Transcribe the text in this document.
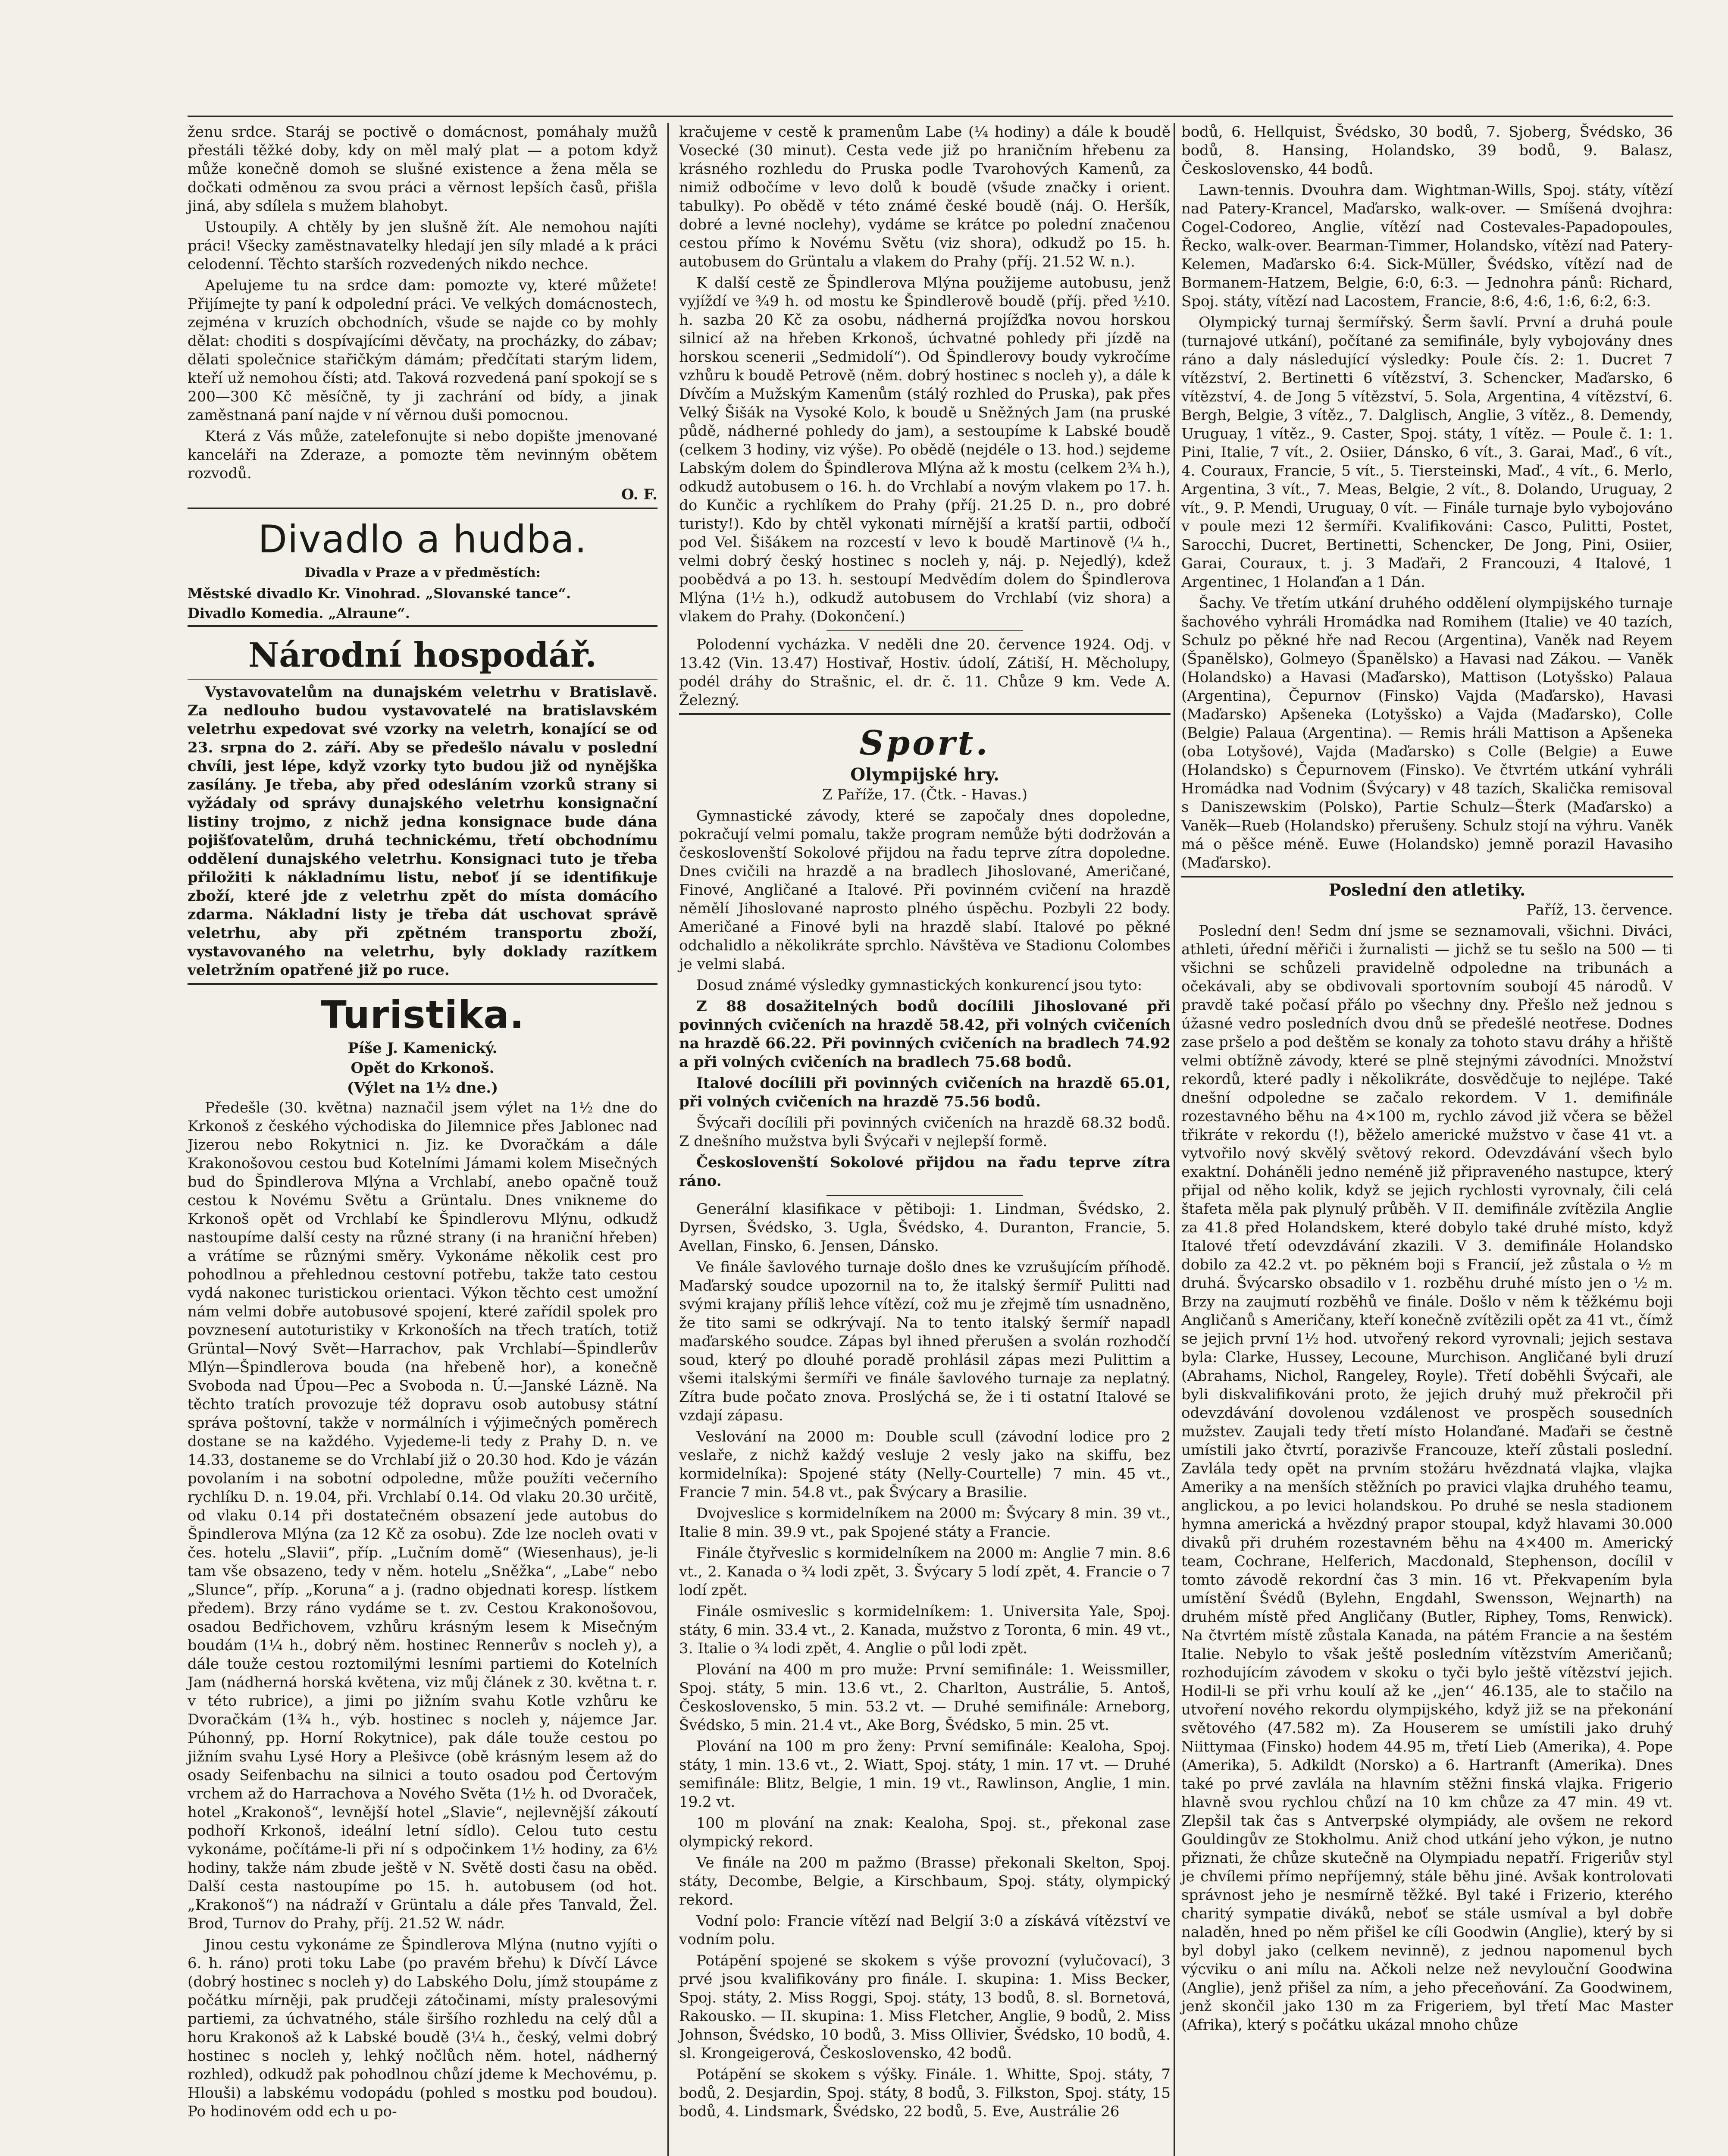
ženu srdce. Staráj se poctivě o domácnost, pomáhaly mužů přestáli těžké doby, kdy on měl malý plat — a potom když může konečně domoh se slušné existence a žena měla se dočkati odměnou za svou práci a věrnost lepších časů, přišla jiná, aby sdílela s mužem blahobyt.

Ustoupily. A chtěly by jen slušně žít. Ale nemohou najíti práci! Všecky zaměstnavatelky hledají jen síly mladé a k práci celodenní. Těchto starších rozvedených nikdo nechce.

Apelujeme tu na srdce dam: pomozte vy, které můžete! Přijímejte ty paní k odpolední práci. Ve velkých domácnostech, zejména v kruzích obchodních, všude se najde co by mohly dělat: choditi s dospívajícími děvčaty, na procházky, do zábav; dělati společnice stařičkým dámám; předčítati starým lidem, kteří už nemohou čísti; atd. Taková rozvedená paní spokojí se s 200—300 Kč měsíčně, ty ji zachrání od bídy, a jinak zaměstnaná paní najde v ní věrnou duši pomocnou.

Která z Vás může, zatelefonujte si nebo dopište jmenované kanceláři na Zderaze, a pomozte těm nevinným obětem rozvodů.

O. F.
Divadlo a hudba.
Divadla v Praze a v předměstích:

Městské divadlo Kr. Vinohrad. „Slovanské tance“.

Divadlo Komedia. „Alraune“.

Národní hospodář.

Vystavovatelům na dunajském veletrhu v Bratislavě. Za nedlouho budou vystavovatelé na bratislavském veletrhu expedovat své vzorky na veletrh, konající se od 23. srpna do 2. září. Aby se předešlo návalu v poslední chvíli, jest lépe, když vzorky tyto budou již od nynějška zasílány. Je třeba, aby před odesláním vzorků strany si vyžádaly od správy dunajského veletrhu konsignační listiny trojmo, z nichž jedna konsignace bude dána pojišťovatelům, druhá technickému, třetí obchodnímu oddělení dunajského veletrhu. Konsignaci tuto je třeba přiložiti k nákladnímu listu, neboť jí se identifikuje zboží, které jde z veletrhu zpět do místa domácího zdarma. Nákladní listy je třeba dát uschovat správě veletrhu, aby při zpětném transportu zboží, vystavovaného na veletrhu, byly doklady razítkem veletržním opatřené již po ruce.

Turistika.
Píše J. Kamenický.
Opět do Krkonoš.
(Výlet na 1½ dne.)

Předešle (30. května) naznačil jsem výlet na 1½ dne do Krkonoš z českého východiska do Jilemnice přes Jablonec nad Jizerou nebo Rokytnici n. Jiz. ke Dvoračkám a dále Krakonošovou cestou bud Kotelními Jámami kolem Misečných bud do Špindlerova Mlýna a Vrchlabí, anebo opačně touž cestou k Novému Světu a Grüntalu. Dnes vnikneme do Krkonoš opět od Vrchlabí ke Špindlerovu Mlýnu, odkudž nastoupíme další cesty na různé strany (i na hraniční hřeben) a vrátíme se různými směry. Vykonáme několik cest pro pohodlnou a přehlednou cestovní potřebu, takže tato cestou vydá nakonec turistickou orientaci. Výkon těchto cest umožní nám velmi dobře autobusové spojení, které zařídil spolek pro povznesení autoturistiky v Krkonoších na třech tratích, totiž Grüntal—Nový Svět—Harrachov, pak Vrchlabí—Špindlerův Mlýn—Špindlerova bouda (na hřebeně hor), a konečně Svoboda nad Úpou—Pec a Svoboda n. Ú.—Janské Lázně. Na těchto tratích provozuje též dopravu osob autobusy státní správa poštovní, takže v normálních i výjimečných poměrech dostane se na každého. Vyjedeme-li tedy z Prahy D. n. ve 14.33, dostaneme se do Vrchlabí již o 20.30 hod. Kdo je vázán povolaním i na sobotní odpoledne, může použíti večerního rychlíku D. n. 19.04, při. Vrchlabí 0.14. Od vlaku 20.30 určitě, od vlaku 0.14 při dostatečném obsazení jede autobus do Špindlerova Mlýna (za 12 Kč za osobu). Zde lze nocleh ovati v čes. hotelu „Slavii“, příp. „Lučním domě“ (Wiesenhaus), je-li tam vše obsazeno, tedy v něm. hotelu „Sněžka“, „Labe“ nebo „Slunce“, příp. „Koruna“ a j. (radno objednati koresp. lístkem předem). Brzy ráno vydáme se t. zv. Cestou Krakonošovou, osadou Bedřichovem, vzhůru krásným lesem k Misečným boudám (1¼ h., dobrý něm. hostinec Rennerův s nocleh y), a dále touže cestou roztomilými lesními partiemi do Kotelních Jam (nádherná horská květena, viz můj článek z 30. května t. r. v této rubrice), a jimi po jižním svahu Kotle vzhůru ke Dvoračkám (1¾ h., výb. hostinec s nocleh y, nájemce Jar. Púhonný, pp. Horní Rokytnice), pak dále touže cestou po jižním svahu Lysé Hory a Plešivce (obě krásným lesem až do osady Seifenbachu na silnici a touto osadou pod Čertovým vrchem až do Harrachova a Nového Světa (1½ h. od Dvoraček, hotel „Krakonoš“, levnější hotel „Slavie“, nejlevnější zákoutí podhoří Krkonoš, ideální letní sídlo). Celou tuto cestu vykonáme, počítáme-li při ní s odpočinkem 1½ hodiny, za 6½ hodiny, takže nám zbude ještě v N. Světě dosti času na oběd. Další cesta nastoupíme po 15. h. autobusem (od hot. „Krakonoš“) na nádraží v Grüntalu a dále přes Tanvald, Žel. Brod, Turnov do Prahy, příj. 21.52 W. nádr.

Jinou cestu vykonáme ze Špindlerova Mlýna (nutno vyjíti o 6. h. ráno) proti toku Labe (po pravém břehu) k Dívčí Lávce (dobrý hostinec s nocleh y) do Labského Dolu, jímž stoupáme z počátku mírněji, pak prudčeji zátočinami, místy pralesovými partiemi, za úchvatného, stále širšího rozhledu na celý důl a horu Krakonoš až k Labské boudě (3¼ h., český, velmi dobrý hostinec s nocleh y, lehký nočlůch něm. hotel, nádherný rozhled), odkudž pak pohodlnou chůzí jdeme k Mechovému, p. Hlouši) a labskému vodopádu (pohled s mostku pod boudou). Po hodinovém odd ech u po-

kračujeme v cestě k pramenům Labe (¼ hodiny) a dále k boudě Vosecké (30 minut). Cesta vede již po hraničním hřebenu za krásného rozhledu do Pruska podle Tvarohových Kamenů, za nimiž odbočíme v levo dolů k boudě (všude značky i orient. tabulky). Po obědě v této známé české boudě (náj. O. Heršík, dobré a levné noclehy), vydáme se krátce po polední značenou cestou přímo k Novému Světu (viz shora), odkudž po 15. h. autobusem do Grüntalu a vlakem do Prahy (příj. 21.52 W. n.).

K další cestě ze Špindlerova Mlýna použijeme autobusu, jenž vyjíždí ve ¾9 h. od mostu ke Špindlerově boudě (příj. před ½10. h. sazba 20 Kč za osobu, nádherná projížďka novou horskou silnicí až na hřeben Krkonoš, úchvatné pohledy při jízdě na horskou scenerii „Sedmidolí“). Od Špindlerovy boudy vykročíme vzhůru k boudě Petrově (něm. dobrý hostinec s nocleh y), a dále k Dívčím a Mužským Kamenům (stálý rozhled do Pruska), pak přes Velký Šišák na Vysoké Kolo, k boudě u Sněžných Jam (na pruské půdě, nádherné pohledy do jam), a sestoupíme k Labské boudě (celkem 3 hodiny, viz výše). Po obědě (nejdéle o 13. hod.) sejdeme Labským dolem do Špindlerova Mlýna až k mostu (celkem 2¾ h.), odkudž autobusem o 16. h. do Vrchlabí a novým vlakem po 17. h. do Kunčic a rychlíkem do Prahy (příj. 21.25 D. n., pro dobré turisty!). Kdo by chtěl vykonati mírnější a kratší partii, odbočí pod Vel. Šišákem na rozcestí v levo k boudě Martinově (¼ h., velmi dobrý český hostinec s nocleh y, náj. p. Nejedlý), kdež poobědvá a po 13. h. sestoupí Medvědím dolem do Špindlerova Mlýna (1½ h.), odkudž autobusem do Vrchlabí (viz shora) a vlakem do Prahy. (Dokončení.)

Polodenní vycházka. V neděli dne 20. července 1924. Odj. v 13.42 (Vin. 13.47) Hostivař, Hostiv. údolí, Zátiší, H. Měcholupy, podél dráhy do Strašnic, el. dr. č. 11. Chůze 9 km. Vede A. Železný.

Sport.
Olympijské hry.

Z Paříže, 17. (Čtk. - Havas.)

Gymnastické závody, které se započaly dnes dopoledne, pokračují velmi pomalu, takže program nemůže býti dodržován a českoslovenští Sokolové přijdou na řadu teprve zítra dopoledne. Dnes cvičili na hrazdě a na bradlech Jihoslované, Američané, Finové, Angličané a Italové. Při povinném cvičení na hrazdě němělí Jihoslované naprosto plného úspěchu. Pozbyli 22 body. Američané a Finové byli na hrazdě slabí. Italové po pěkné odchalidlo a několikráte sprchlo. Návštěva ve Stadionu Colombes je velmi slabá.

Dosud známé výsledky gymnastických konkurencí jsou tyto:

Z 88 dosažitelných bodů docílili Jihoslované při povinných cvičeních na hrazdě 58.42, při volných cvičeních na hrazdě 66.22. Při povinných cvičeních na bradlech 74.92 a při volných cvičeních na bradlech 75.68 bodů.

Italové docílili při povinných cvičeních na hrazdě 65.01, při volných cvičeních na hrazdě 75.56 bodů.

Švýcaři docílili při povinných cvičeních na hrazdě 68.32 bodů. Z dnešního mužstva byli Švýcaři v nejlepší formě.

Českoslovenští Sokolové přijdou na řadu teprve zítra ráno.

Generální klasifikace v pětiboji: 1. Lindman, Švédsko, 2. Dyrsen, Švédsko, 3. Ugla, Švédsko, 4. Duranton, Francie, 5. Avellan, Finsko, 6. Jensen, Dánsko.

Ve finále šavlového turnaje došlo dnes ke vzrušujícím příhodě. Maďarský soudce upozornil na to, že italský šermíř Pulitti nad svými krajany příliš lehce vítězí, což mu je zřejmě tím usnadněno, že tito sami se odkrývají. Na to tento italský šermíř napadl maďarského soudce. Zápas byl ihned přerušen a svolán rozhodčí soud, který po dlouhé poradě prohlásil zápas mezi Pulittim a všemi italskými šermíři ve finále šavlového turnaje za neplatný. Zítra bude počato znova. Proslýchá se, že i ti ostatní Italové se vzdají zápasu.

Veslování na 2000 m: Double scull (závodní lodice pro 2 veslaře, z nichž každý vesluje 2 vesly jako na skiffu, bez kormidelníka): Spojené státy (Nelly-Courtelle) 7 min. 45 vt., Francie 7 min. 54.8 vt., pak Švýcary a Brasilie.

Dvojveslice s kormidelníkem na 2000 m: Švýcary 8 min. 39 vt., Italie 8 min. 39.9 vt., pak Spojené státy a Francie.

Finále čtyřveslic s kormidelníkem na 2000 m: Anglie 7 min. 8.6 vt., 2. Kanada o ¾ lodi zpět, 3. Švýcary 5 lodí zpět, 4. Francie o 7 lodí zpět.

Finále osmiveslic s kormidelníkem: 1. Universita Yale, Spoj. státy, 6 min. 33.4 vt., 2. Kanada, mužstvo z Toronta, 6 min. 49 vt., 3. Italie o ¾ lodi zpět, 4. Anglie o půl lodi zpět.

Plování na 400 m pro muže: První semifinále: 1. Weissmiller, Spoj. státy, 5 min. 13.6 vt., 2. Charlton, Austrálie, 5. Antoš, Československo, 5 min. 53.2 vt. — Druhé semifinále: Arneborg, Švédsko, 5 min. 21.4 vt., Ake Borg, Švédsko, 5 min. 25 vt.

Plování na 100 m pro ženy: První semifinále: Kealoha, Spoj. státy, 1 min. 13.6 vt., 2. Wiatt, Spoj. státy, 1 min. 17 vt. — Druhé semifinále: Blitz, Belgie, 1 min. 19 vt., Rawlinson, Anglie, 1 min. 19.2 vt.

100 m plování na znak: Kealoha, Spoj. st., překonal zase olympický rekord.

Ve finále na 200 m pažmo (Brasse) překonali Skelton, Spoj. státy, Decombe, Belgie, a Kirschbaum, Spoj. státy, olympický rekord.

Vodní polo: Francie vítězí nad Belgií 3:0 a získává vítězství ve vodním polu.

Potápění spojené se skokem s výše provozní (vylučovací), 3 prvé jsou kvalifikovány pro finále. I. skupina: 1. Miss Becker, Spoj. státy, 2. Miss Roggi, Spoj. státy, 13 bodů, 8. sl. Bornetová, Rakousko. — II. skupina: 1. Miss Fletcher, Anglie, 9 bodů, 2. Miss Johnson, Švédsko, 10 bodů, 3. Miss Ollivier, Švédsko, 10 bodů, 4. sl. Krongeigerová, Československo, 42 bodů.

Potápění se skokem s výšky. Finále. 1. Whitte, Spoj. státy, 7 bodů, 2. Desjardin, Spoj. státy, 8 bodů, 3. Filkston, Spoj. státy, 15 bodů, 4. Lindsmark, Švédsko, 22 bodů, 5. Eve, Austrálie 26

bodů, 6. Hellquist, Švédsko, 30 bodů, 7. Sjoberg, Švédsko, 36 bodů, 8. Hansing, Holandsko, 39 bodů, 9. Balasz, Československo, 44 bodů.

Lawn-tennis. Dvouhra dam. Wightman-Wills, Spoj. státy, vítězí nad Patery-Krancel, Maďarsko, walk-over. — Smíšená dvojhra: Cogel-Codoreo, Anglie, vítězí nad Costevales-Papadopoules, Řecko, walk-over. Bearman-Timmer, Holandsko, vítězí nad Patery-Kelemen, Maďarsko 6:4. Sick-Müller, Švédsko, vítězí nad de Bormanem-Hatzem, Belgie, 6:0, 6:3. — Jednohra pánů: Richard, Spoj. státy, vítězí nad Lacostem, Francie, 8:6, 4:6, 1:6, 6:2, 6:3.

Olympický turnaj šermířský. Šerm šavlí. První a druhá poule (turnajové utkání), počítané za semifinále, byly vybojovány dnes ráno a daly následující výsledky: Poule čís. 2: 1. Ducret 7 vítězství, 2. Bertinetti 6 vítězství, 3. Schencker, Maďarsko, 6 vítězství, 4. de Jong 5 vítězství, 5. Sola, Argentina, 4 vítězství, 6. Bergh, Belgie, 3 vítěz., 7. Dalglisch, Anglie, 3 vítěz., 8. Demendy, Uruguay, 1 vítěz., 9. Caster, Spoj. státy, 1 vítěz. — Poule č. 1: 1. Pini, Italie, 7 vít., 2. Osiier, Dánsko, 6 vít., 3. Garai, Maď., 6 vít., 4. Couraux, Francie, 5 vít., 5. Tiersteinski, Maď., 4 vít., 6. Merlo, Argentina, 3 vít., 7. Meas, Belgie, 2 vít., 8. Dolando, Uruguay, 2 vít., 9. P. Mendi, Uruguay, 0 vít. — Finále turnaje bylo vybojováno v poule mezi 12 šermíři. Kvalifikováni: Casco, Pulitti, Postet, Sarocchi, Ducret, Bertinetti, Schencker, De Jong, Pini, Osiier, Garai, Couraux, t. j. 3 Maďaři, 2 Francouzi, 4 Italové, 1 Argentinec, 1 Holanďan a 1 Dán.

Šachy. Ve třetím utkání druhého oddělení olympijského turnaje šachového vyhráli Hromádka nad Romihem (Italie) ve 40 tazích, Schulz po pěkné hře nad Recou (Argentina), Vaněk nad Reyem (Španělsko), Golmeyo (Španělsko) a Havasi nad Zákou. — Vaněk (Holandsko) a Havasi (Maďarsko), Mattison (Lotyšsko) Palaua (Argentina), Čepurnov (Finsko) Vajda (Maďarsko), Havasi (Maďarsko) Apšeneka (Lotyšsko) a Vajda (Maďarsko), Colle (Belgie) Palaua (Argentina). — Remis hráli Mattison a Apšeneka (oba Lotyšové), Vajda (Maďarsko) s Colle (Belgie) a Euwe (Holandsko) s Čepurnovem (Finsko). Ve čtvrtém utkání vyhráli Hromádka nad Vodnim (Švýcary) v 48 tazích, Skalička remisoval s Daniszewskim (Polsko), Partie Schulz—Šterk (Maďarsko) a Vaněk—Rueb (Holandsko) přerušeny. Schulz stojí na výhru. Vaněk má o pěšce méně. Euwe (Holandsko) jemně porazil Havasiho (Maďarsko).

Poslední den atletiky.

Paříž, 13. července.

Poslední den! Sedm dní jsme se seznamovali, všichni. Diváci, athleti, úřední měřiči i žurnalisti — jichž se tu sešlo na 500 — ti všichni se schůzeli pravidelně odpoledne na tribunách a očekávali, aby se obdivovali sportovním soubojí 45 národů. V pravdě také počasí přálo po všechny dny. Přešlo než jednou s úžasné vedro posledních dvou dnů se předešlé neotřese. Dodnes zase pršelo a pod deštěm se konaly za tohoto stavu dráhy a hřiště velmi obtížně závody, které se plně stejnými závodníci. Množství rekordů, které padly i několikráte, dosvědčuje to nejlépe. Také dnešní odpoledne se začalo rekordem. V 1. demifinále rozestavného běhu na 4×100 m, rychlo závod již včera se běžel třikráte v rekordu (!), běželo americké mužstvo v čase 41 vt. a vytvořilo nový skvělý světový rekord. Odevzdávání všech bylo exaktní. Doháněli jedno neméně již připraveného nastupce, který přijal od něho kolik, když se jejich rychlosti vyrovnaly, čili celá štafeta měla pak plynulý průběh. V II. demifinále zvítězila Anglie za 41.8 před Holandskem, které dobylo také druhé místo, když Italové třetí odevzdávání zkazili. V 3. demifinále Holandsko dobilo za 42.2 vt. po pěkném boji s Francií, jež zůstala o ½ m druhá. Švýcarsko obsadilo v 1. rozběhu druhé místo jen o ½ m. Brzy na zaujmutí rozběhů ve finále. Došlo v něm k těžkému boji Angličanů s Američany, kteří konečně zvítězili opět za 41 vt., čímž se jejich první 1½ hod. utvořený rekord vyrovnali; jejich sestava byla: Clarke, Hussey, Lecoune, Murchison. Angličané byli druzí (Abrahams, Nichol, Rangeley, Royle). Třetí doběhli Švýcaři, ale byli diskvalifikováni proto, že jejich druhý muž překročil při odevzdávání dovolenou vzdálenost ve prospěch sousedních mužstev. Zaujali tedy třetí místo Holanďané. Maďaři se čestně umístili jako čtvrtí, porazivše Francouze, kteří zůstali poslední. Zavlála tedy opět na prvním stožáru hvězdnatá vlajka, vlajka Ameriky a na menších stěžních po pravici vlajka druhého teamu, anglickou, a po levici holandskou. Po druhé se nesla stadionem hymna americká a hvězdný prapor stoupal, když hlavami 30.000 divaků při druhém rozestavném běhu na 4×400 m. Americký team, Cochrane, Helferich, Macdonald, Stephenson, docílil v tomto závodě rekordní čas 3 min. 16 vt. Překvapením byla umístění Švédů (Bylehn, Engdahl, Swensson, Wejnarth) na druhém místě před Angličany (Butler, Riphey, Toms, Renwick). Na čtvrtém místě zůstala Kanada, na pátém Francie a na šestém Italie. Nebylo to však ještě posledním vítězstvím Američanů; rozhodujícím závodem v skoku o tyči bylo ještě vítězství jejich. Hodil-li se při vrhu koulí až ke ,,jen‘‘ 46.135, ale to stačilo na utvoření nového rekordu olympijského, když již se na překonání světového (47.582 m). Za Houserem se umístili jako druhý Niittymaa (Finsko) hodem 44.95 m, třetí Lieb (Amerika), 4. Pope (Amerika), 5. Adkildt (Norsko) a 6. Hartranft (Amerika). Dnes také po prvé zavlála na hlavním stěžni finská vlajka. Frigerio hlavně svou rychlou chůzí na 10 km chůze za 47 min. 49 vt. Zlepšil tak čas s Antverpské olympiády, ale ovšem ne rekord Gouldingův ze Stokholmu. Aniž chod utkání jeho výkon, je nutno přiznati, že chůze skutečně na Olympiadu nepatří. Frigeriův styl je chvílemi přímo nepříjemný, stále běhu jiné. Avšak kontrolovati správnost jeho je nesmírně těžké. Byl také i Frizerio, kterého charitý sympatie diváků, neboť se stále usmíval a byl dobře naladěn, hned po něm přišel ke cíli Goodwin (Anglie), který by si byl dobyl jako (celkem nevinně), z jednou napomenul bych výcviku o ani mílu na. Ačkoli nelze než nevylouční Goodwina (Anglie), jenž přišel za ním, a jeho přeceňování. Za Goodwinem, jenž skončil jako 130 m za Frigeriem, byl třetí Mac Master (Afrika), který s počátku ukázal mnoho chůze
